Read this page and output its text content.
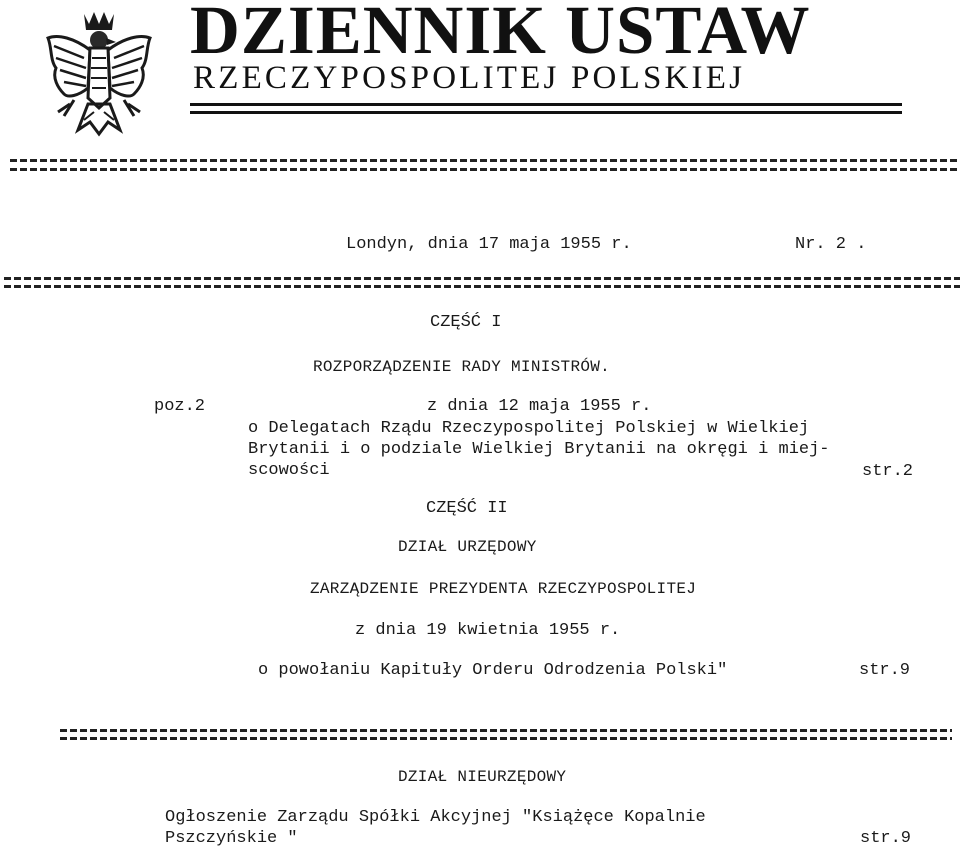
DZIENNIK USTAW
RZECZYPOSPOLITEJ POLSKIEJ
Londyn, dnia 17 maja 1955 r.	Nr. 2 .
CZĘŚĆ I
ROZPORZĄDZENIE RADY MINISTRÓW.
poz.2	z dnia 12 maja 1955 r.
o Delegatach Rządu Rzeczypospolitej Polskiej w Wielkiej
Brytanii i o podziale Wielkiej Brytanii na okręgi i miej-
scowości	str.2
CZĘŚĆ II
DZIAŁ URZĘDOWY
ZARZĄDZENIE PREZYDENTA RZECZYPOSPOLITEJ
z dnia 19 kwietnia 1955 r.
o powołaniu Kapituły Orderu Odrodzenia Polski"	str.9
DZIAŁ NIEURZĘDOWY
Ogłoszenie Zarządu Spółki Akcyjnej "Książęce Kopalnie
Pszczyńskie "	str.9
